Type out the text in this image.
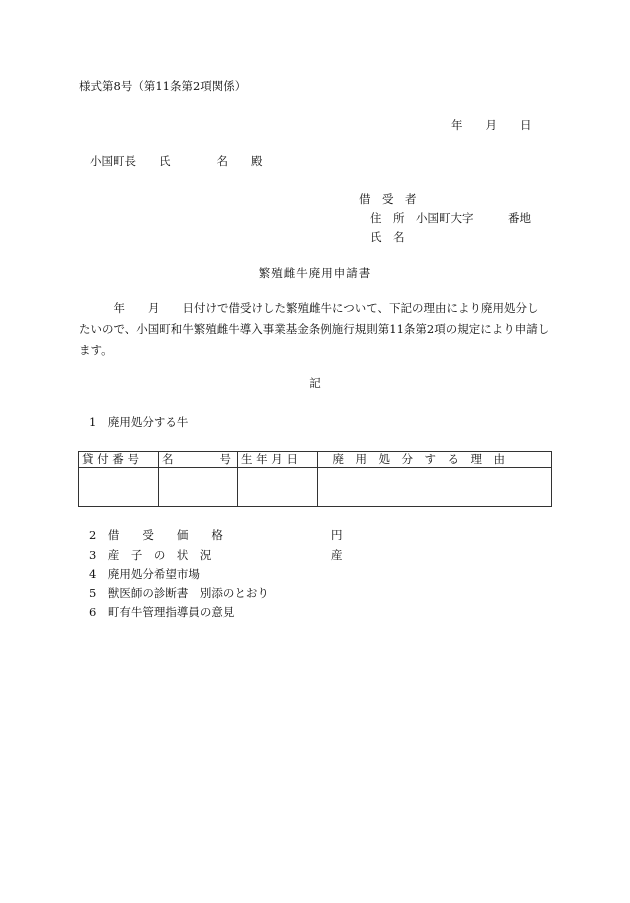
様式第8号（第11条第2項関係）
年　　月　　日
小国町長　　氏　　　　名　　殿
借　受　者
住　所　小国町大字　　　番地
氏　名
繁殖雌牛廃用申請書
　　　年　　月　　日付けで借受けした繁殖雌牛について、下記の理由により廃用処分し
たいので、小国町和牛繁殖雌牛導入事業基金条例施行規則第11条第2項の規定により申請し
ます。
記
1　廃用処分する牛
貸 付 番 号	名　　　　号	生 年 月 日	　廃　用　処　分　す　る　理　由

2　借　　受　　価　　格	円
3　産　子　の　状　況	産
4　廃用処分希望市場
5　獣医師の診断書　別添のとおり
6　町有牛管理指導員の意見
